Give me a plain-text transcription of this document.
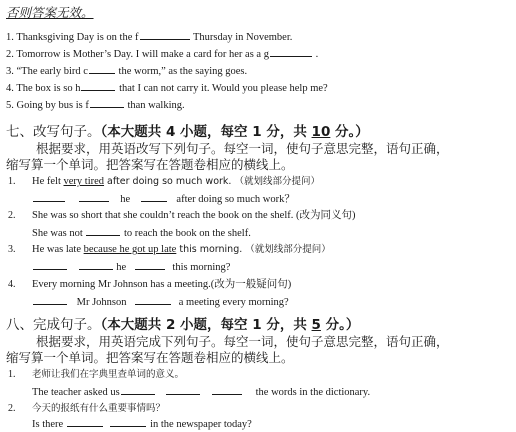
否则答案无效。
1. Thanksgiving Day is on the f	Thursday in November.
2. Tomorrow is Mother’s Day. I will make a card for her as a g	.
3. “The early bird c	the worm,” as the saying goes.
4. The box is so h	that I can not carry it. Would you please help me?
5. Going by bus is f	than walking.
七、改写句子。（本大题共 4 小题，每空 1 分，共 10 分。）
根据要求，用英语改写下列句子。每空一词，使句子意思完整，语句正确，
缩写算一个单词。把答案写在答题卷相应的横线上。
1. He felt very tired after doing so much work. （就划线部分提问）
he	after doing so much work？
2. She was so short that she couldn’t reach the book on the shelf. (改为同义句)
She was not	to reach the book on the shelf.
3. He was late because he got up late this morning. （就划线部分提问）
he	this morning?
4. Every morning Mr Johnson has a meeting.(改为一般疑问句)
Mr Johnson	a meeting every morning?
八、完成句子。（本大题共 2 小题，每空 1 分，共 5 分。）
根据要求，用英语完成下列句子。每空一词，使句子意思完整，语句正确，
缩写算一个单词。把答案写在答题卷相应的横线上。
1. 老师让我们在字典里查单词的意义。
The teacher asked us	the words in the dictionary.
2. 今天的报纸有什么重要事情吗？
Is there	in the newspaper today?
